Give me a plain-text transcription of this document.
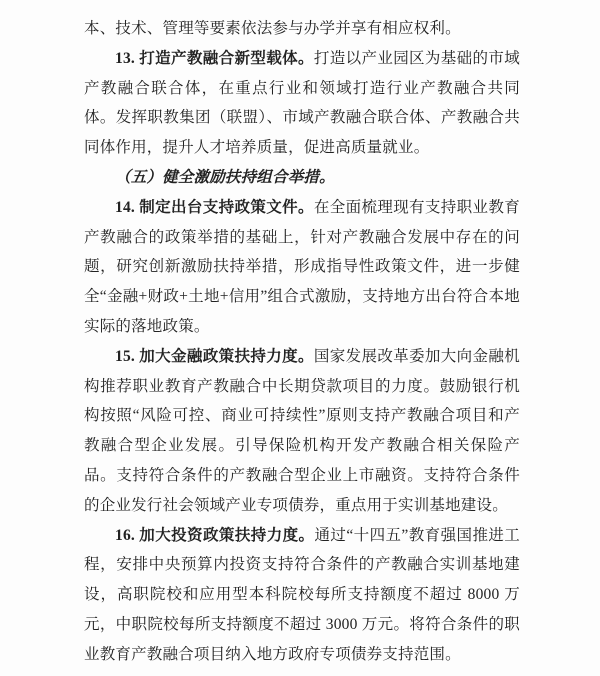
本、技术、管理等要素依法参与办学并享有相应权利。

13. 打造产教融合新型载体。打造以产业园区为基础的市域产教融合联合体，在重点行业和领域打造行业产教融合共同体。发挥职教集团（联盟）、市域产教融合联合体、产教融合共同体作用，提升人才培养质量，促进高质量就业。

（五）健全激励扶持组合举措。

14. 制定出台支持政策文件。在全面梳理现有支持职业教育产教融合的政策举措的基础上，针对产教融合发展中存在的问题，研究创新激励扶持举措，形成指导性政策文件，进一步健全“金融+财政+土地+信用”组合式激励，支持地方出台符合本地实际的落地政策。

15. 加大金融政策扶持力度。国家发展改革委加大向金融机构推荐职业教育产教融合中长期贷款项目的力度。鼓励银行机构按照“风险可控、商业可持续性”原则支持产教融合项目和产教融合型企业发展。引导保险机构开发产教融合相关保险产品。支持符合条件的产教融合型企业上市融资。支持符合条件的企业发行社会领域产业专项债券，重点用于实训基地建设。

16. 加大投资政策扶持力度。通过“十四五”教育强国推进工程，安排中央预算内投资支持符合条件的产教融合实训基地建设，高职院校和应用型本科院校每所支持额度不超过 8000 万元，中职院校每所支持额度不超过 3000 万元。将符合条件的职业教育产教融合项目纳入地方政府专项债券支持范围。
